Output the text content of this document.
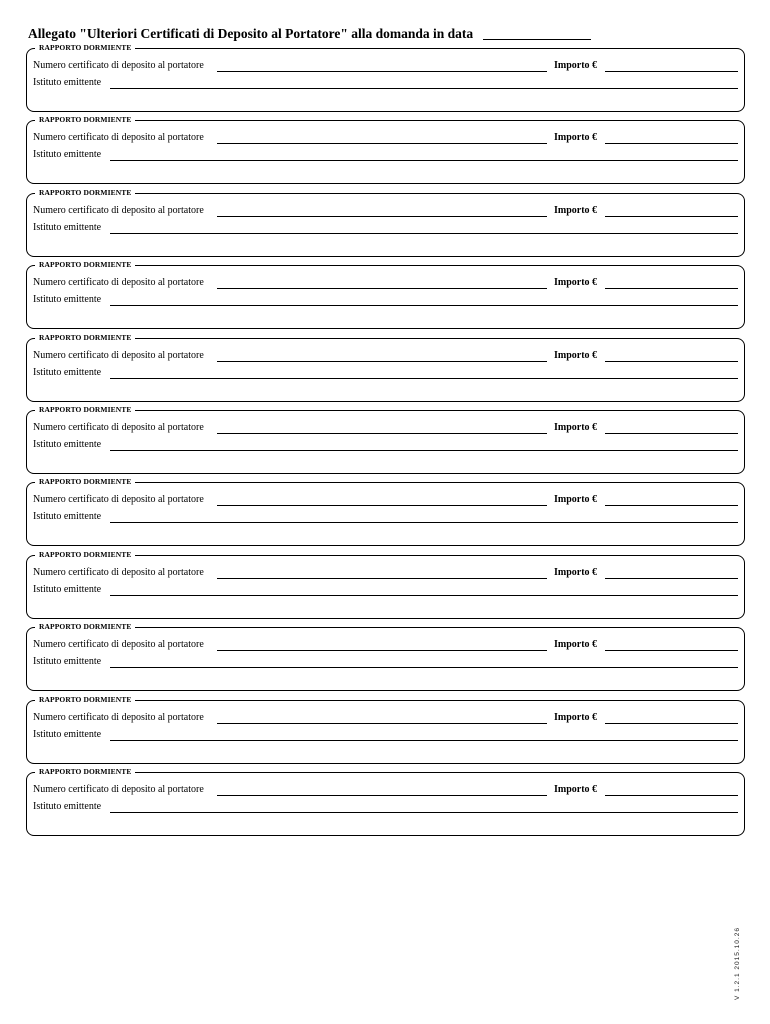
Allegato "Ulteriori Certificati di Deposito al Portatore" alla domanda in data
RAPPORTO DORMIENTE
Numero certificato di deposito al portatore	Importo €
Istituto emittente
RAPPORTO DORMIENTE
Numero certificato di deposito al portatore	Importo €
Istituto emittente
RAPPORTO DORMIENTE
Numero certificato di deposito al portatore	Importo €
Istituto emittente
RAPPORTO DORMIENTE
Numero certificato di deposito al portatore	Importo €
Istituto emittente
RAPPORTO DORMIENTE
Numero certificato di deposito al portatore	Importo €
Istituto emittente
RAPPORTO DORMIENTE
Numero certificato di deposito al portatore	Importo €
Istituto emittente
RAPPORTO DORMIENTE
Numero certificato di deposito al portatore	Importo €
Istituto emittente
RAPPORTO DORMIENTE
Numero certificato di deposito al portatore	Importo €
Istituto emittente
RAPPORTO DORMIENTE
Numero certificato di deposito al portatore	Importo €
Istituto emittente
RAPPORTO DORMIENTE
Numero certificato di deposito al portatore	Importo €
Istituto emittente
RAPPORTO DORMIENTE
Numero certificato di deposito al portatore	Importo €
Istituto emittente
V 1.2.1 2015.10.26
